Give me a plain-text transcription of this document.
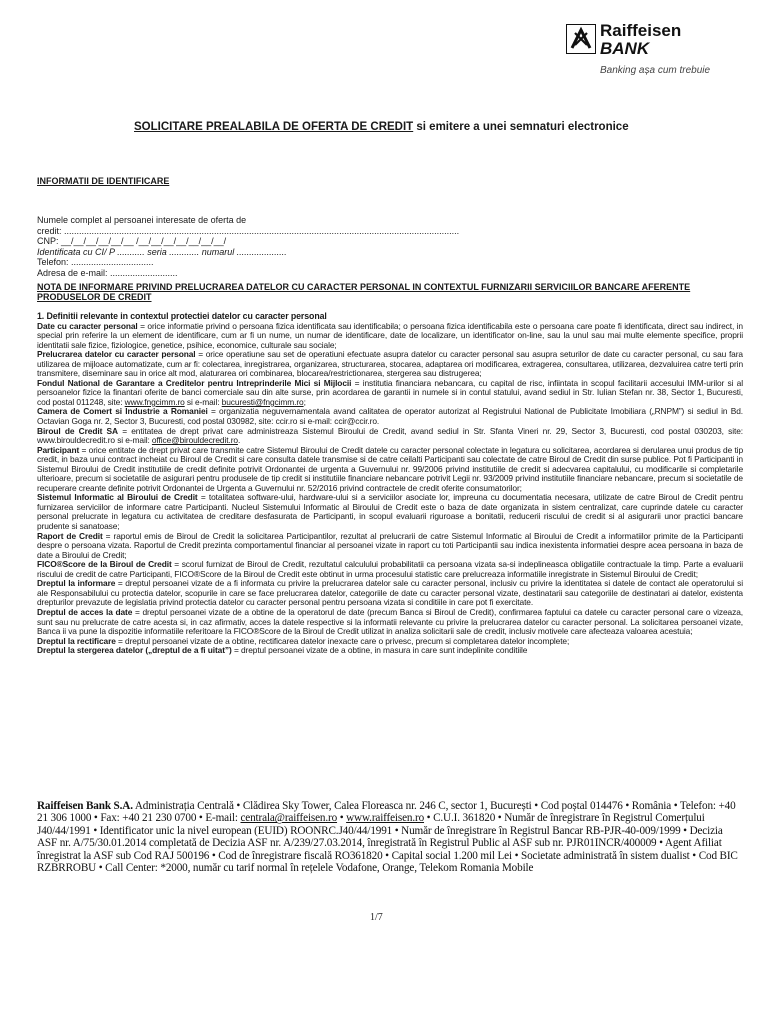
Raiffeisen
BANK
Banking așa cum trebuie
SOLICITARE PREALABILA DE OFERTA DE CREDIT si emitere a unei semnaturi electronice
INFORMATII DE IDENTIFICARE
Numele complet al persoanei interesate de oferta de
credit: ..............................................................................................................................................................
CNP: __/__/__/__/__/__ /__/__/__/__/__/__/__/
Identificata cu CI/ P ........... seria ............ numarul ....................
Telefon: .................................
Adresa de e-mail: ...........................
NOTA DE INFORMARE PRIVIND PRELUCRAREA DATELOR CU CARACTER PERSONAL IN CONTEXTUL FURNIZARII SERVICIILOR BANCARE AFERENTE PRODUSELOR DE CREDIT

1. Definitii relevante in contextul protectiei datelor cu caracter personal

Date cu caracter personal = orice informatie privind o persoana fizica identificata sau identificabila; o persoana fizica identificabila este o persoana care poate fi identificata, direct sau indirect, in special prin referire la un element de identificare, cum ar fi un nume, un numar de identificare, date de localizare, un identificator on-line, sau la unul sau mai multe elemente specifice, proprii identitatii sale fizice, fiziologice, genetice, psihice, economice, culturale sau sociale;

Prelucrarea datelor cu caracter personal = orice operatiune sau set de operatiuni efectuate asupra datelor cu caracter personal sau asupra seturilor de date cu caracter personal, cu sau fara utilizarea de mijloace automatizate, cum ar fi: colectarea, inregistrarea, organizarea, structurarea, stocarea, adaptarea ori modificarea, extragerea, consultarea, utilizarea, dezvaluirea catre terti prin transmitere, diseminare sau in orice alt mod, alaturarea ori combinarea, blocarea/restrictionarea, stergerea sau distrugerea;

Fondul National de Garantare a Creditelor pentru Intreprinderile Mici si Mijlocii = institutia financiara nebancara, cu capital de risc, infiintata in scopul facilitarii accesului IMM-urilor si al persoanelor fizice la finantari oferite de banci comerciale sau din alte surse, prin acordarea de garantii in numele si in contul statului, avand sediul in Str. Iulian Stefan nr. 38, Sector 1, Bucuresti, cod postal 011248, site: www.fngcimm.ro si e-mail: bucuresti@fngcimm.ro;

Camera de Comert si Industrie a Romaniei = organizatia neguvernamentala avand calitatea de operator autorizat al Registrului National de Publicitate Imobiliara („RNPM”) si sediul in Bd. Octavian Goga nr. 2, Sector 3, Bucuresti, cod postal 030982, site: ccir.ro si e-mail: ccir@ccir.ro.

Biroul de Credit SA = entitatea de drept privat care administreaza Sistemul Biroului de Credit, avand sediul in Str. Sfanta Vineri nr. 29, Sector 3, Bucuresti, cod postal 030203, site: www.birouldecredit.ro si e-mail: office@birouldecredit.ro.

Participant = orice entitate de drept privat care transmite catre Sistemul Biroului de Credit datele cu caracter personal colectate in legatura cu solicitarea, acordarea si derularea unui produs de tip credit, in baza unui contract incheiat cu Biroul de Credit si care consulta datele transmise si de catre ceilalti Participanti sau colectate de catre Biroul de Credit din surse publice. Pot fi Participanti in Sistemul Biroului de Credit institutiile de credit definite potrivit Ordonantei de urgenta a Guvernului nr. 99/2006 privind institutiile de credit si adecvarea capitalului, cu modificarile si completarile ulterioare, precum si societatile de asigurari pentru produsele de tip credit si institutiile financiare nebancare potrivit Legii nr. 93/2009 privind institutiile financiare nebancare, precum si societatile de recuperare creante definite potrivit Ordonantei de Urgenta a Guvernului nr. 52/2016 privind contractele de credit oferite consumatorilor;

Sistemul Informatic al Biroului de Credit = totalitatea software-ului, hardware-ului si a serviciilor asociate lor, impreuna cu documentatia necesara, utilizate de catre Biroul de Credit pentru furnizarea serviciilor de informare catre Participanti. Nucleul Sistemului Informatic al Biroului de Credit este o baza de date organizata in sistem centralizat, care cuprinde datele cu caracter personal prelucrate in legatura cu activitatea de creditare desfasurata de Participanti, in scopul evaluarii riguroase a bonitatii, reducerii riscului de credit si al asigurarii unor practici bancare prudente si sanatoase;

Raport de Credit = raportul emis de Biroul de Credit la solicitarea Participantilor, rezultat al prelucrarii de catre Sistemul Informatic al Biroului de Credit a informatiilor primite de la Participanti despre o persoana vizata. Raportul de Credit prezinta comportamentul financiar al persoanei vizate in raport cu toti Participantii sau indica inexistenta informatiei despre acea persoana in baza de date a Biroului de Credit;

FICO®Score de la Biroul de Credit = scorul furnizat de Biroul de Credit, rezultatul calculului probabilitatii ca persoana vizata sa-si indeplineasca obligatiile contractuale la timp. Parte a evaluarii riscului de credit de catre Participanti, FICO®Score de la Biroul de Credit este obtinut in urma procesului statistic care prelucreaza informatiile inregistrate in Sistemul Biroului de Credit;

Dreptul la informare = dreptul persoanei vizate de a fi informata cu privire la prelucrarea datelor sale cu caracter personal, inclusiv cu privire la identitatea si datele de contact ale operatorului si ale Responsabilului cu protectia datelor, scopurile in care se face prelucrarea datelor, categoriile de date cu caracter personal vizate, destinatarii sau categoriile de destinatari ai datelor, existenta drepturilor prevazute de legislatia privind protectia datelor cu caracter personal pentru persoana vizata si conditiile in care pot fi exercitate.

Dreptul de acces la date = dreptul persoanei vizate de a obtine de la operatorul de date (precum Banca si Biroul de Credit), confirmarea faptului ca datele cu caracter personal care o vizeaza, sunt sau nu prelucrate de catre acesta si, in caz afirmativ, acces la datele respective si la informatii relevante cu privire la prelucrarea datelor cu caracter personal. La solicitarea persoanei vizate, Banca ii va pune la dispozitie informatiile referitoare la FICO®Score de la Biroul de Credit utilizat in analiza solicitarii sale de credit, inclusiv motivele care afecteaza valoarea acestuia;

Dreptul la rectificare = dreptul persoanei vizate de a obtine, rectificarea datelor inexacte care o privesc, precum si completarea datelor incomplete;

Dreptul la stergerea datelor („dreptul de a fi uitat”) = dreptul persoanei vizate de a obtine, in masura in care sunt indeplinite conditiile

Raiffeisen Bank S.A. Administrația Centrală • Clădirea Sky Tower, Calea Floreasca nr. 246 C, sector 1, București • Cod poștal 014476 • România • Telefon: +40 21 306 1000 • Fax: +40 21 230 0700 • E-mail: centrala@raiffeisen.ro • www.raiffeisen.ro • C.U.I. 361820 • Număr de înregistrare în Registrul Comerțului J40/44/1991 • Identificator unic la nivel european (EUID) ROONRC.J40/44/1991 • Număr de înregistrare în Registrul Bancar RB-PJR-40-009/1999 • Decizia ASF nr. A/75/30.01.2014 completată de Decizia ASF nr. A/239/27.03.2014, înregistrată în Registrul Public al ASF sub nr. PJR01INCR/400009 • Agent Afiliat înregistrat la ASF sub Cod RAJ 500196 • Cod de înregistrare fiscală RO361820 • Capital social 1.200 mil Lei • Societate administrată în sistem dualist • Cod BIC RZBRROBU • Call Center: *2000, număr cu tarif normal în rețelele Vodafone, Orange, Telekom Romania Mobile
1/7
